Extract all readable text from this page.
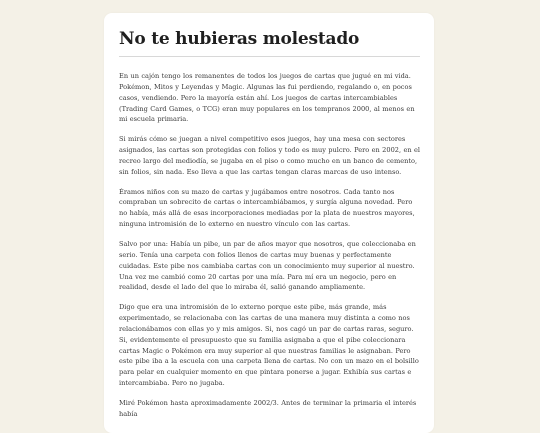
No te hubieras molestado

En un cajón tengo los remanentes de todos los juegos de cartas que jugué en mi vida. Pokémon, Mitos y Leyendas y Magic. Algunas las fui perdiendo, regalando o, en pocos casos, vendiendo. Pero la mayoría están ahí. Los juegos de cartas intercambiables (Trading Card Games, o TCG) eran muy populares en los tempranos 2000, al menos en mi escuela primaria.

Si mirás cómo se juegan a nivel competitivo esos juegos, hay una mesa con sectores asignados, las cartas son protegidas con folios y todo es muy pulcro. Pero en 2002, en el recreo largo del mediodía, se jugaba en el piso o como mucho en un banco de cemento, sin folios, sin nada. Eso lleva a que las cartas tengan claras marcas de uso intenso.

Éramos niños con su mazo de cartas y jugábamos entre nosotros. Cada tanto nos compraban un sobrecito de cartas o intercambiábamos, y surgía alguna novedad. Pero no había, más allá de esas incorporaciones mediadas por la plata de nuestros mayores, ninguna intromisión de lo externo en nuestro vínculo con las cartas.

Salvo por una: Había un pibe, un par de años mayor que nosotros, que coleccionaba en serio. Tenía una carpeta con folios llenos de cartas muy buenas y perfectamente cuidadas. Este pibe nos cambiaba cartas con un conocimiento muy superior al nuestro. Una vez me cambió como 20 cartas por una mía. Para mí era un negocio, pero en realidad, desde el lado del que lo miraba él, salió ganando ampliamente.

Digo que era una intromisión de lo externo porque este pibe, más grande, más experimentado, se relacionaba con las cartas de una manera muy distinta a como nos relacionábamos con ellas yo y mis amigos. Si, nos cagó un par de cartas raras, seguro. Si, evidentemente el presupuesto que su familia asignaba a que el pibe coleccionara cartas Magic o Pokémon era muy superior al que nuestras familias le asignaban. Pero este pibe iba a la escuela con una carpeta llena de cartas. No con un mazo en el bolsillo para pelar en cualquier momento en que pintara ponerse a jugar. Exhibía sus cartas e intercambiaba. Pero no jugaba.

Miré Pokémon hasta aproximadamente 2002/3. Antes de terminar la primaria el interés había
